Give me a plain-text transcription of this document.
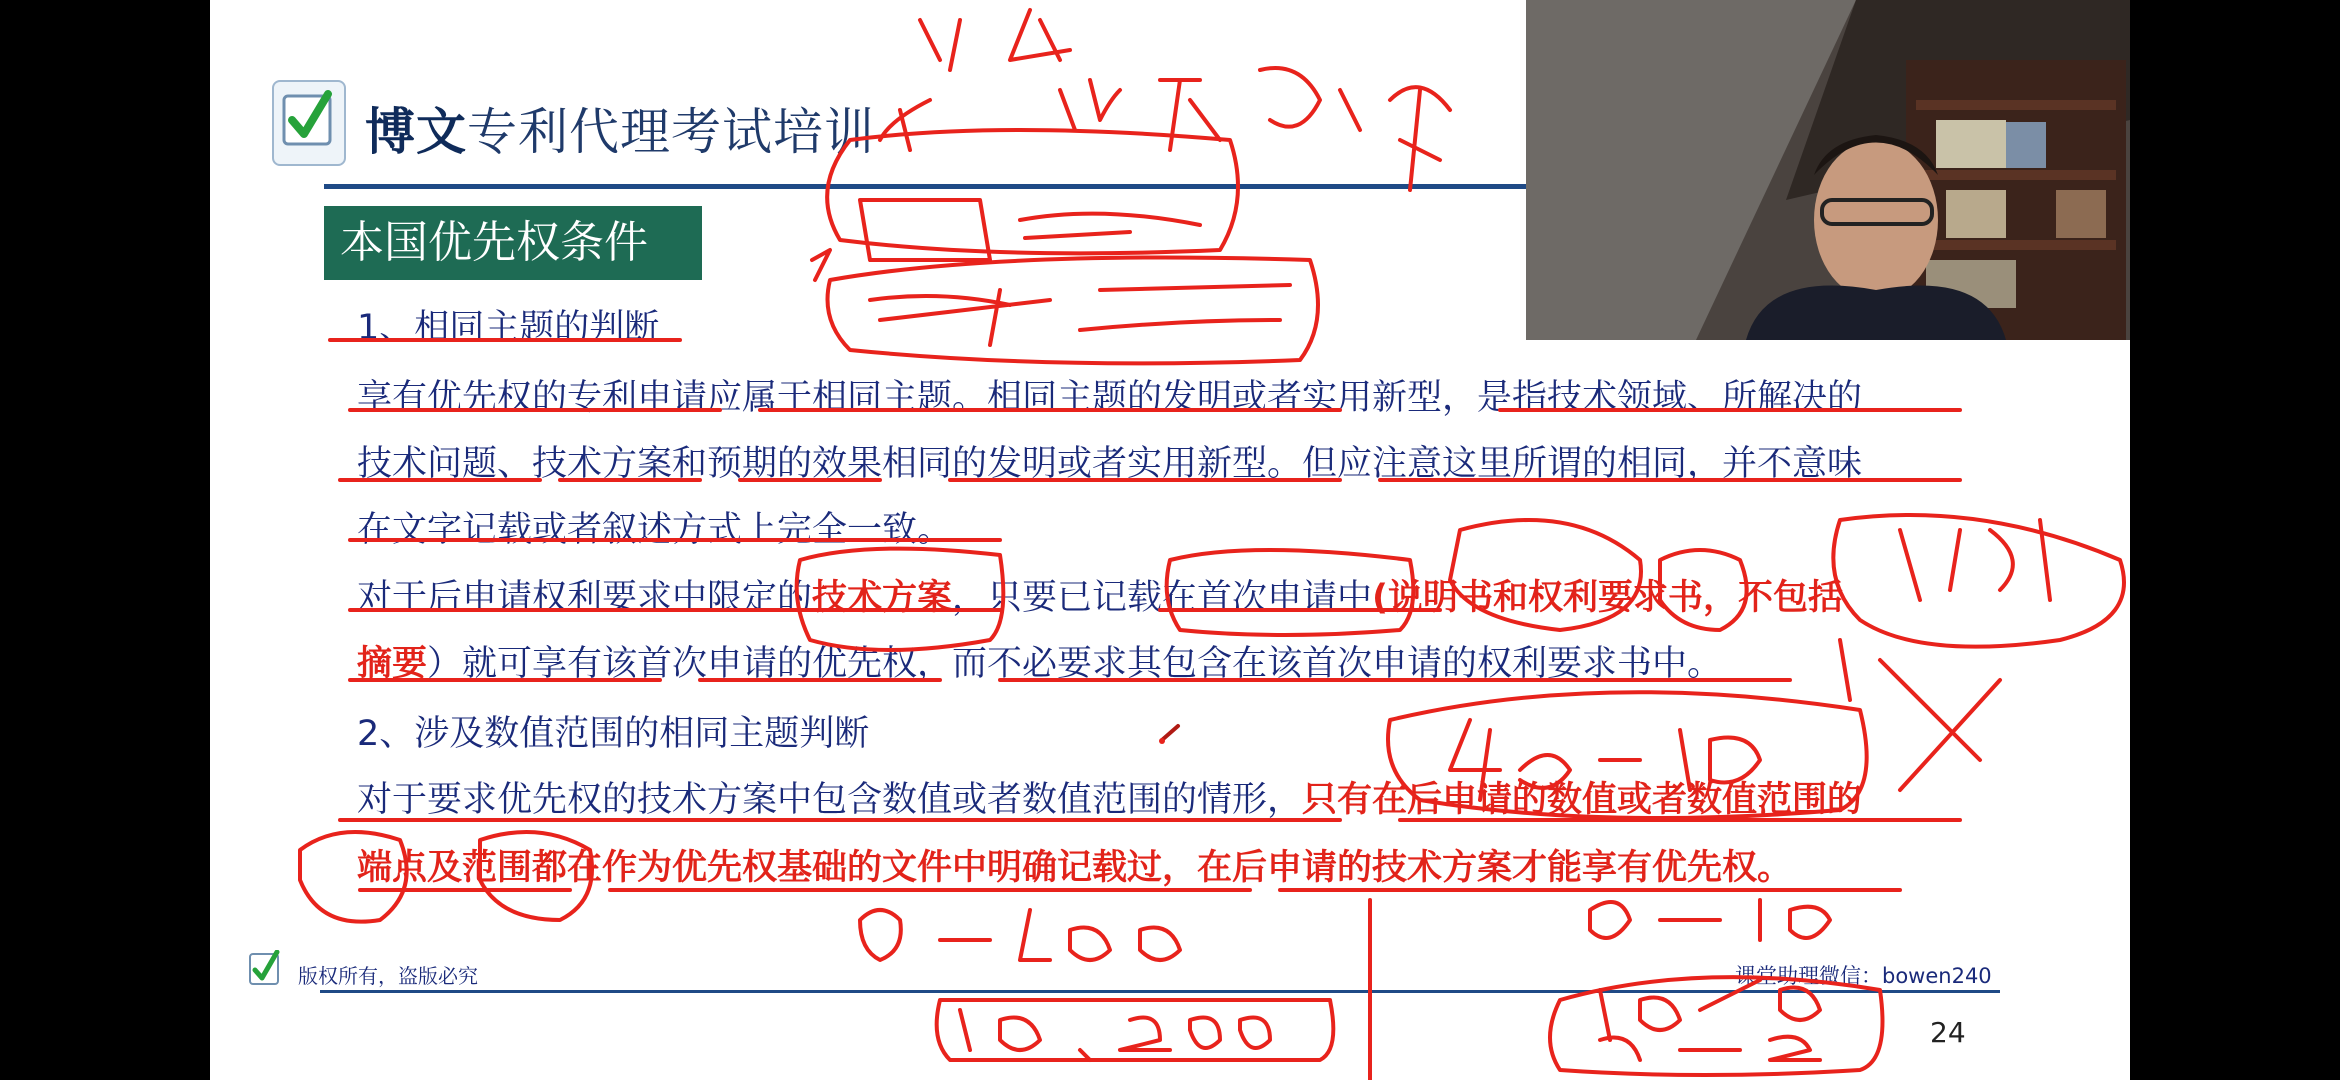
博文专利代理考试培训
本国优先权条件
1、相同主题的判断
享有优先权的专利申请应属于相同主题。相同主题的发明或者实用新型，是指技术领域、所解决的
技术问题、技术方案和预期的效果相同的发明或者实用新型。但应注意这里所谓的相同，并不意味
在文字记载或者叙述方式上完全一致。
对于后申请权利要求中限定的技术方案，只要已记载在首次申请中(说明书和权利要求书，不包括
摘要）就可享有该首次申请的优先权，而不必要求其包含在该首次申请的权利要求书中。
2、涉及数值范围的相同主题判断
对于要求优先权的技术方案中包含数值或者数值范围的情形，只有在后申请的数值或者数值范围的
端点及范围都在作为优先权基础的文件中明确记载过，在后申请的技术方案才能享有优先权。
版权所有，盗版必究	课堂助理微信：bowen240
24
